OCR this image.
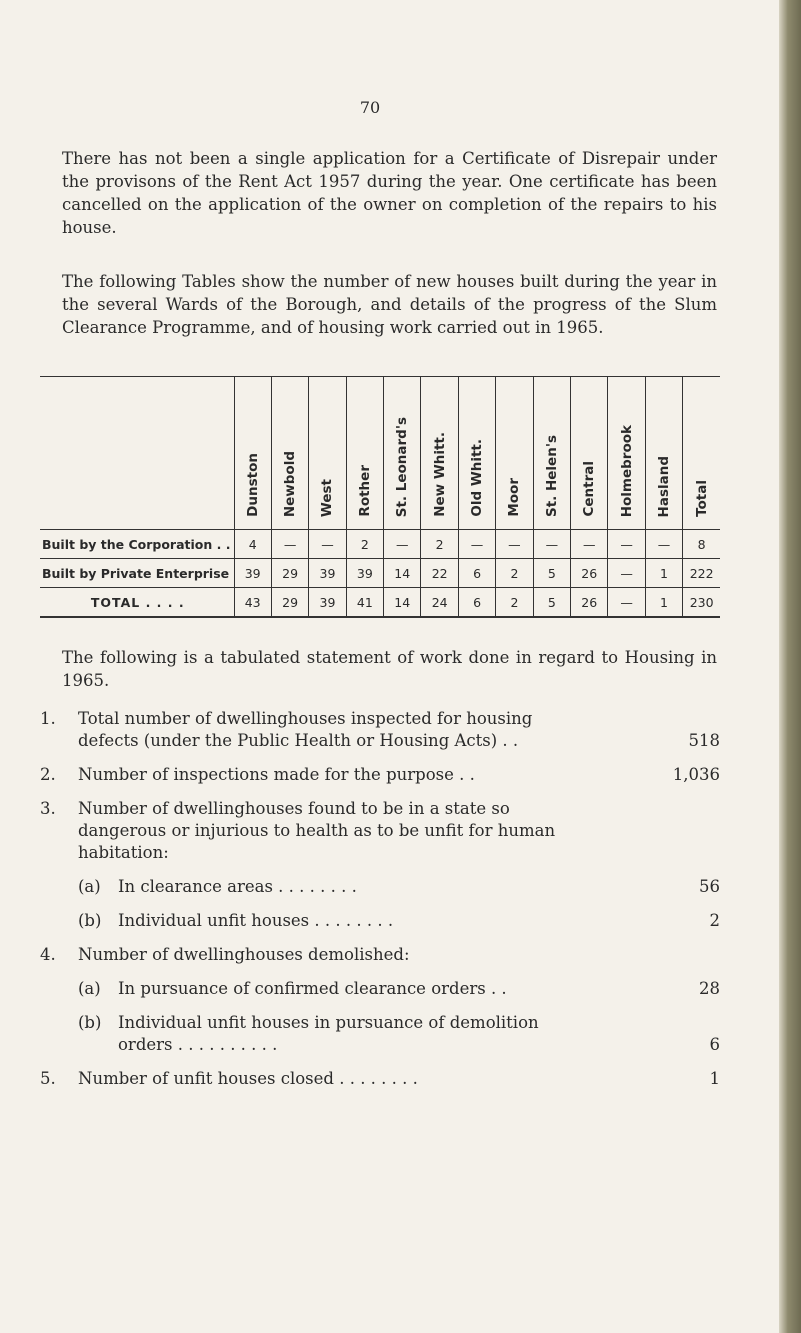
70

There has not been a single application for a Certificate of Disrepair under the provisons of the Rent Act 1957 during the year. One certificate has been cancelled on the application of the owner on completion of the repairs to his house.

The following Tables show the number of new houses built during the year in the several Wards of the Borough, and details of the progress of the Slum Clearance Programme, and of housing work carried out in 1965.

	Dunston	Newbold	West	Rother	St. Leonard's	New Whitt.	Old Whitt.	Moor	St. Helen's	Central	Holmebrook	Hasland	Total
Built by the Corporation . .	4	—	—	2	—	2	—	—	—	—	—	—	8
Built by Private Enterprise	39	29	39	39	14	22	6	2	5	26	—	1	222
TOTAL . . . .	43	29	39	41	14	24	6	2	5	26	—	1	230

The following is a tabulated statement of work done in regard to Housing in 1965.

1.	Total number of dwellinghouses inspected for housing defects (under the Public Health or Housing Acts) . .	518
2.	Number of inspections made for the purpose . .	1,036
3.	Number of dwellinghouses found to be in a state so dangerous or injurious to health as to be unfit for human habitation:
(a)	In clearance areas . . . . . . . .	56
(b)	Individual unfit houses . . . . . . . .	2
4.	Number of dwellinghouses demolished:
(a)	In pursuance of confirmed clearance orders . .	28
(b)	Individual unfit houses in pursuance of demolition orders . . . . . . . . . .	6
5.	Number of unfit houses closed . . . . . . . .	1
